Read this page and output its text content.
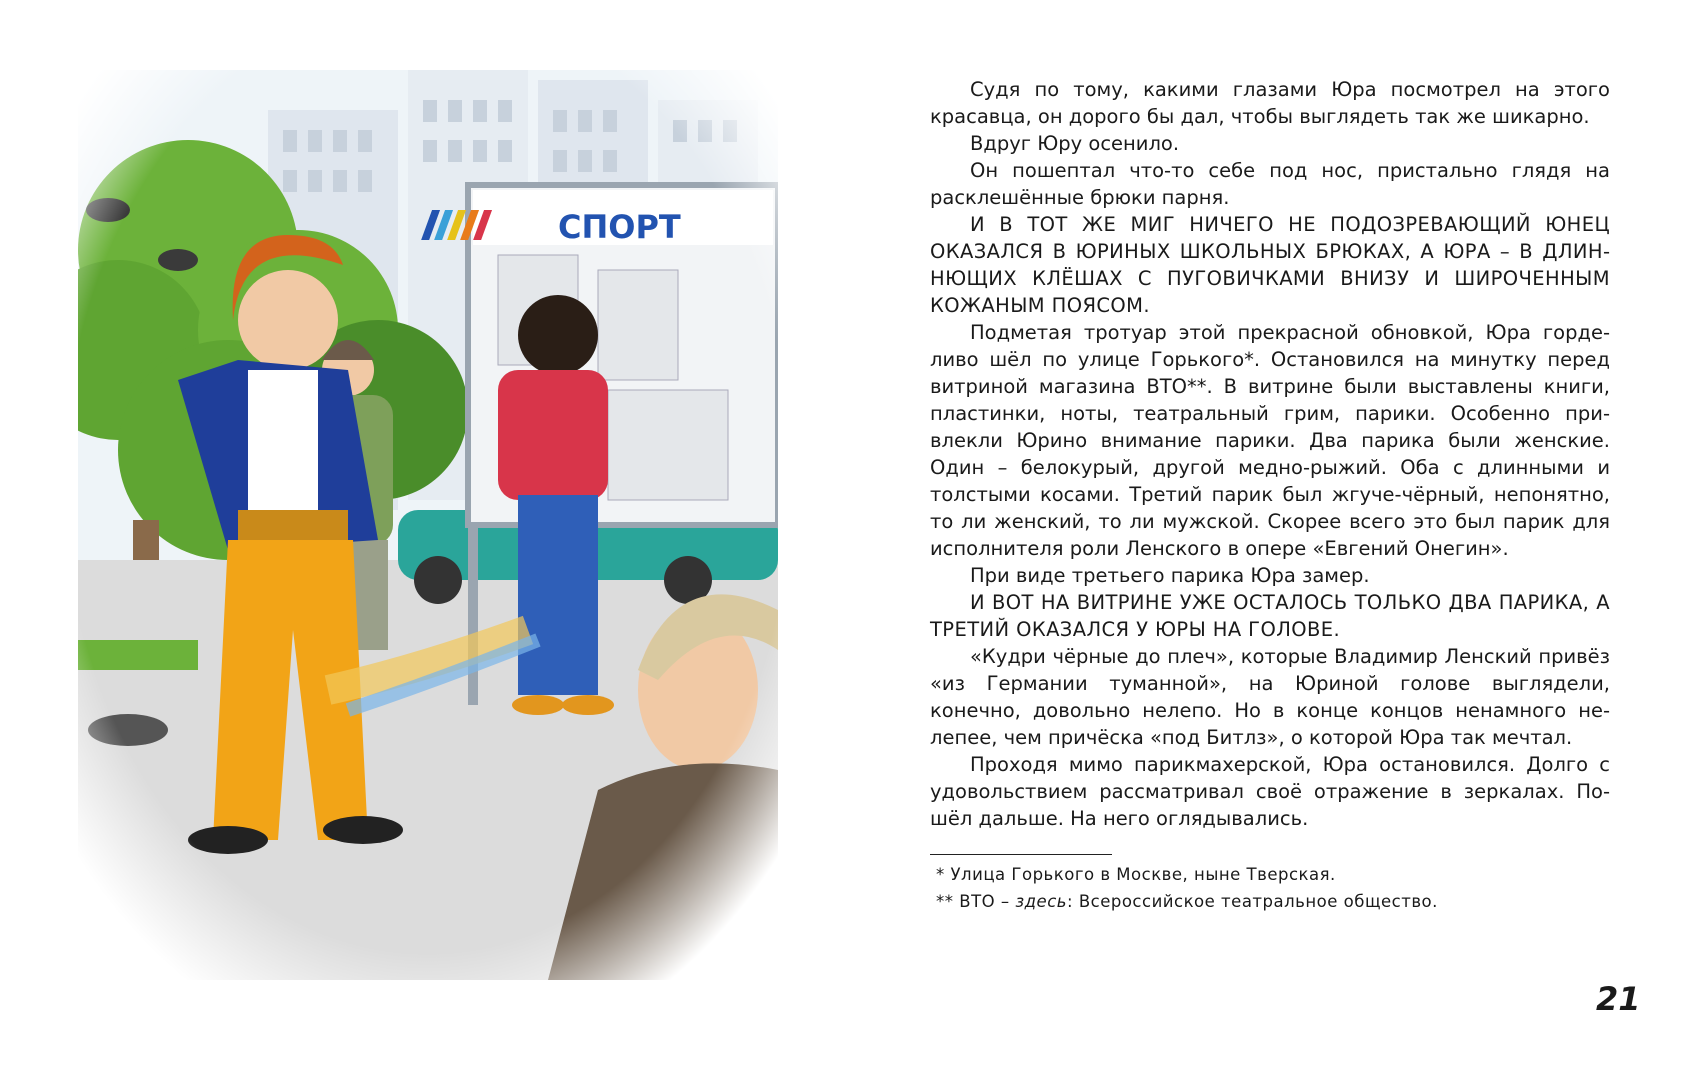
Судя по тому, какими глазами Юра посмотрел на этого красавца, он дорого бы дал, чтобы выглядеть так же шикарно.

Вдруг Юру осенило.

Он пошептал что-то себе под нос, пристально глядя на расклешённые брюки парня.

И В ТОТ ЖЕ МИГ НИЧЕГО НЕ ПОДОЗРЕВАЮЩИЙ ЮНЕЦ ОКАЗАЛСЯ В ЮРИНЫХ ШКОЛЬНЫХ БРЮКАХ, А ЮРА – В ДЛИННЮЩИХ КЛЁШАХ С ПУГОВИЧКАМИ ВНИЗУ И ШИРОЧЕННЫМ КОЖАНЫМ ПОЯСОМ.

Подметая тротуар этой прекрасной обновкой, Юра горделиво шёл по улице Горького*. Остановился на минутку перед витриной магазина ВТО**. В витрине были выставлены книги, пластинки, ноты, театральный грим, парики. Особенно привлекли Юрино внимание парики. Два парика были женские. Один – белокурый, другой медно-рыжий. Оба с длинными и толстыми косами. Третий парик был жгуче-чёрный, непонятно, то ли женский, то ли мужской. Скорее всего это был парик для исполнителя роли Ленского в опере «Евгений Онегин».

При виде третьего парика Юра замер.

И ВОТ НА ВИТРИНЕ УЖЕ ОСТАЛОСЬ ТОЛЬКО ДВА ПАРИКА, А ТРЕТИЙ ОКАЗАЛСЯ У ЮРЫ НА ГОЛОВЕ.

«Кудри чёрные до плеч», которые Владимир Ленский привёз «из Германии туманной», на Юриной голове выглядели, конечно, довольно нелепо. Но в конце концов ненамного нелепее, чем причёска «под Битлз», о которой Юра так мечтал.

Проходя мимо парикмахерской, Юра остановился. Долго с удовольствием рассматривал своё отражение в зеркалах. Пошёл дальше. На него оглядывались.

* Улица Горького в Москве, ныне Тверская.

** ВТО – здесь: Всероссийское театральное общество.

21
